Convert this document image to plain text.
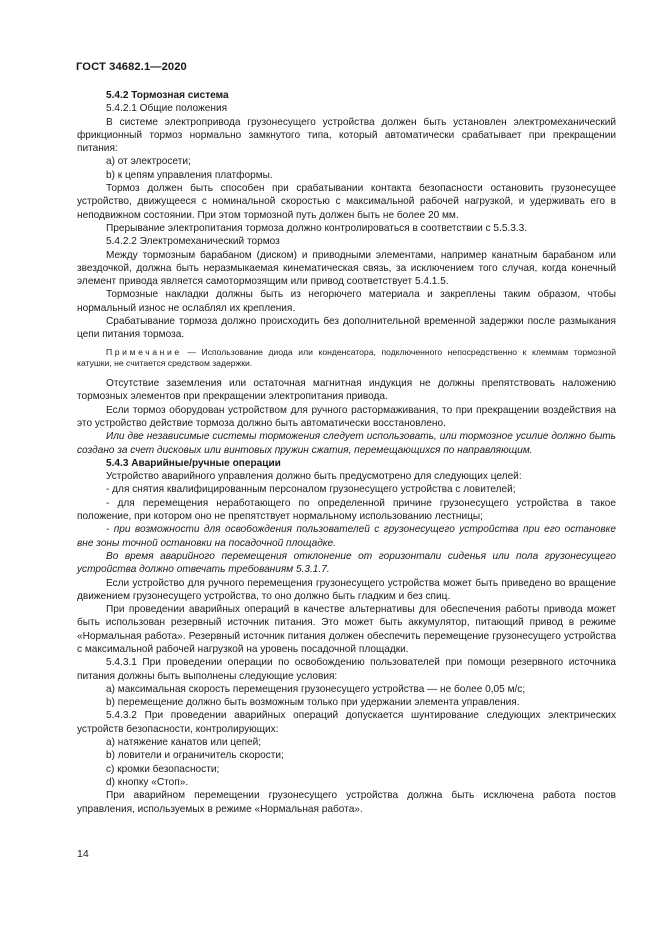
ГОСТ 34682.1—2020

5.4.2 Тормозная система

5.4.2.1 Общие положения

В системе электропривода грузонесущего устройства должен быть установлен электромеханический фрикционный тормоз нормально замкнутого типа, который автоматически срабатывает при прекращении питания:

a) от электросети;

b) к цепям управления платформы.

Тормоз должен быть способен при срабатывании контакта безопасности остановить грузонесущее устройство, движущееся с номинальной скоростью с максимальной рабочей нагрузкой, и удерживать его в неподвижном состоянии. При этом тормозной путь должен быть не более 20 мм.

Прерывание электропитания тормоза должно контролироваться в соответствии с 5.5.3.3.

5.4.2.2 Электромеханический тормоз

Между тормозным барабаном (диском) и приводными элементами, например канатным барабаном или звездочкой, должна быть неразмыкаемая кинематическая связь, за исключением того случая, когда конечный элемент привода является самотормозящим или привод соответствует 5.4.1.5.

Тормозные накладки должны быть из негорючего материала и закреплены таким образом, чтобы нормальный износ не ослаблял их крепления.

Срабатывание тормоза должно происходить без дополнительной временной задержки после размыкания цепи питания тормоза.

Примечание — Использование диода или конденсатора, подключенного непосредственно к клеммам тормозной катушки, не считается средством задержки.

Отсутствие заземления или остаточная магнитная индукция не должны препятствовать наложению тормозных элементов при прекращении электропитания привода.

Если тормоз оборудован устройством для ручного растормаживания, то при прекращении воздействия на это устройство действие тормоза должно быть автоматически восстановлено.

Или две независимые системы торможения следует использовать, или тормозное усилие должно быть создано за счет дисковых или винтовых пружин сжатия, перемещающихся по направляющим.

5.4.3 Аварийные/ручные операции

Устройство аварийного управления должно быть предусмотрено для следующих целей:

- для снятия квалифицированным персоналом грузонесущего устройства с ловителей;

- для перемещения неработающего по определенной причине грузонесущего устройства в такое положение, при котором оно не препятствует нормальному использованию лестницы;

- при возможности для освобождения пользователей с грузонесущего устройства при его остановке вне зоны точной остановки на посадочной площадке.

Во время аварийного перемещения отклонение от горизонтали сиденья или пола грузонесущего устройства должно отвечать требованиям 5.3.1.7.

Если устройство для ручного перемещения грузонесущего устройства может быть приведено во вращение движением грузонесущего устройства, то оно должно быть гладким и без спиц.

При проведении аварийных операций в качестве альтернативы для обеспечения работы привода может быть использован резервный источник питания. Это может быть аккумулятор, питающий привод в режиме «Нормальная работа». Резервный источник питания должен обеспечить перемещение грузонесущего устройства с максимальной рабочей нагрузкой на уровень посадочной площадки.

5.4.3.1 При проведении операции по освобождению пользователей при помощи резервного источника питания должны быть выполнены следующие условия:

a) максимальная скорость перемещения грузонесущего устройства — не более 0,05 м/с;

b) перемещение должно быть возможным только при удержании элемента управления.

5.4.3.2 При проведении аварийных операций допускается шунтирование следующих электрических устройств безопасности, контролирующих:

a) натяжение канатов или цепей;

b) ловители и ограничитель скорости;

c) кромки безопасности;

d) кнопку «Стоп».

При аварийном перемещении грузонесущего устройства должна быть исключена работа постов управления, используемых в режиме «Нормальная работа».

14
